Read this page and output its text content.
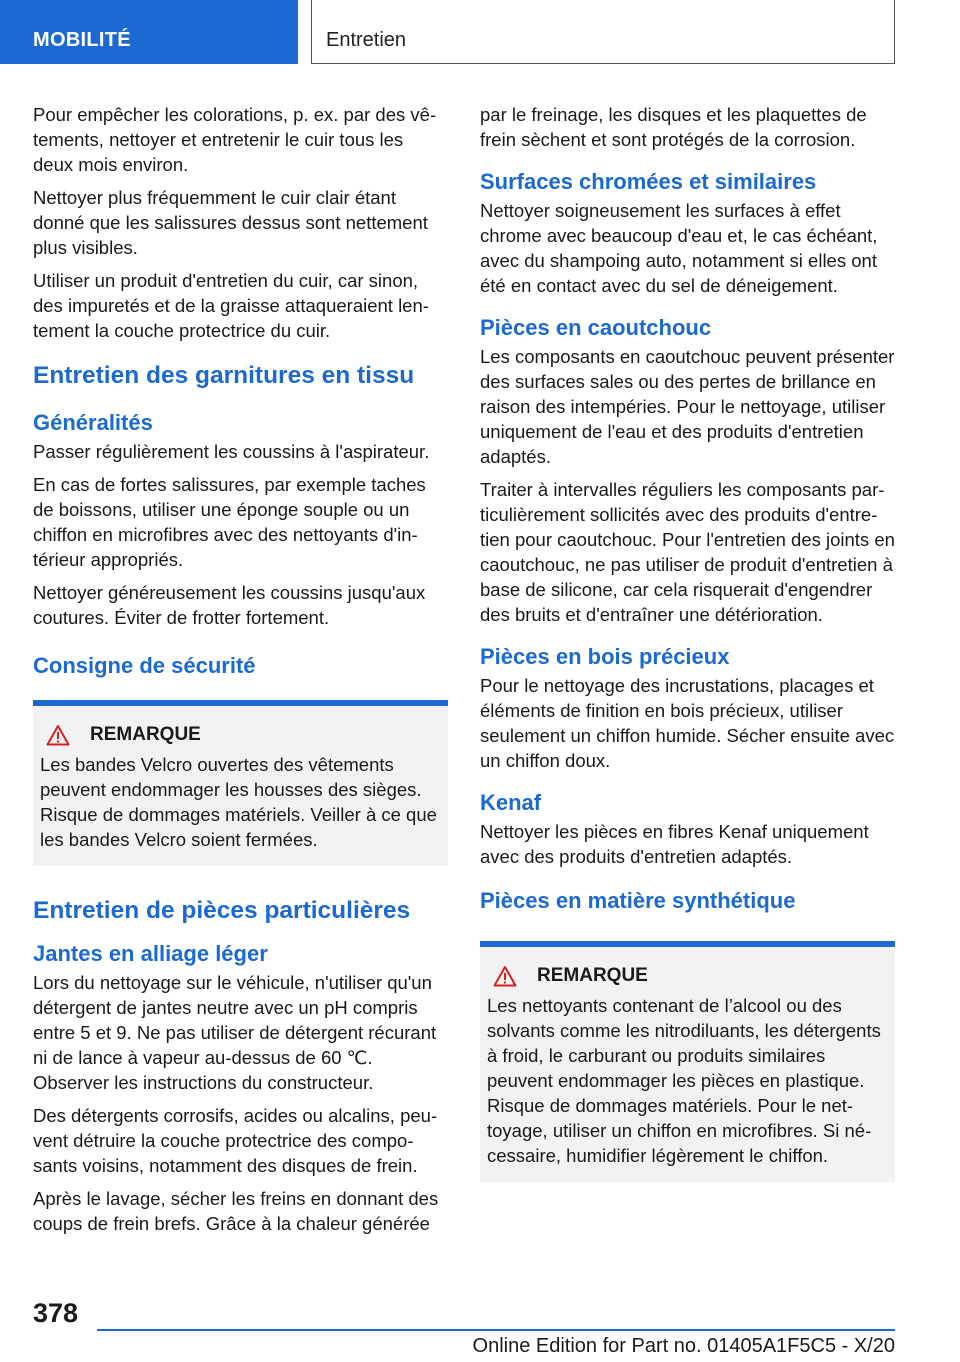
MOBILITÉ	Entretien

Pour empêcher les colorations, p. ex. par des vêtements, nettoyer et entretenir le cuir tous les deux mois environ.

Nettoyer plus fréquemment le cuir clair étant donné que les salissures dessus sont nettement plus visibles.

Utiliser un produit d'entretien du cuir, car sinon, des impuretés et de la graisse attaqueraient lentement la couche protectrice du cuir.

Entretien des garnitures en tissu
Généralités

Passer régulièrement les coussins à l'aspirateur.

En cas de fortes salissures, par exemple taches de boissons, utiliser une éponge souple ou un chiffon en microfibres avec des nettoyants d'intérieur appropriés.

Nettoyer généreusement les coussins jusqu'aux coutures. Éviter de frotter fortement.

Consigne de sécurité
REMARQUE

Les bandes Velcro ouvertes des vêtements peuvent endommager les housses des sièges. Risque de dommages matériels. Veiller à ce que les bandes Velcro soient fermées.

Entretien de pièces particulières
Jantes en alliage léger

Lors du nettoyage sur le véhicule, n'utiliser qu'un détergent de jantes neutre avec un pH compris entre 5 et 9. Ne pas utiliser de détergent récurant ni de lance à vapeur au-dessus de 60 ℃. Observer les instructions du constructeur.

Des détergents corrosifs, acides ou alcalins, peuvent détruire la couche protectrice des composants voisins, notamment des disques de frein.

Après le lavage, sécher les freins en donnant des coups de frein brefs. Grâce à la chaleur générée

par le freinage, les disques et les plaquettes de frein sèchent et sont protégés de la corrosion.

Surfaces chromées et similaires

Nettoyer soigneusement les surfaces à effet chrome avec beaucoup d'eau et, le cas échéant, avec du shampoing auto, notamment si elles ont été en contact avec du sel de déneigement.

Pièces en caoutchouc

Les composants en caoutchouc peuvent présenter des surfaces sales ou des pertes de brillance en raison des intempéries. Pour le nettoyage, utiliser uniquement de l'eau et des produits d'entretien adaptés.

Traiter à intervalles réguliers les composants particulièrement sollicités avec des produits d'entretien pour caoutchouc. Pour l'entretien des joints en caoutchouc, ne pas utiliser de produit d'entretien à base de silicone, car cela risquerait d'engendrer des bruits et d'entraîner une détérioration.

Pièces en bois précieux

Pour le nettoyage des incrustations, placages et éléments de finition en bois précieux, utiliser seulement un chiffon humide. Sécher ensuite avec un chiffon doux.

Kenaf

Nettoyer les pièces en fibres Kenaf uniquement avec des produits d'entretien adaptés.

Pièces en matière synthétique
REMARQUE

Les nettoyants contenant de l’alcool ou des solvants comme les nitrodiluants, les détergents à froid, le carburant ou produits similaires peuvent endommager les pièces en plastique. Risque de dommages matériels. Pour le nettoyage, utiliser un chiffon en microfibres. Si nécessaire, humidifier légèrement le chiffon.

378
Online Edition for Part no. 01405A1F5C5 - X/20
